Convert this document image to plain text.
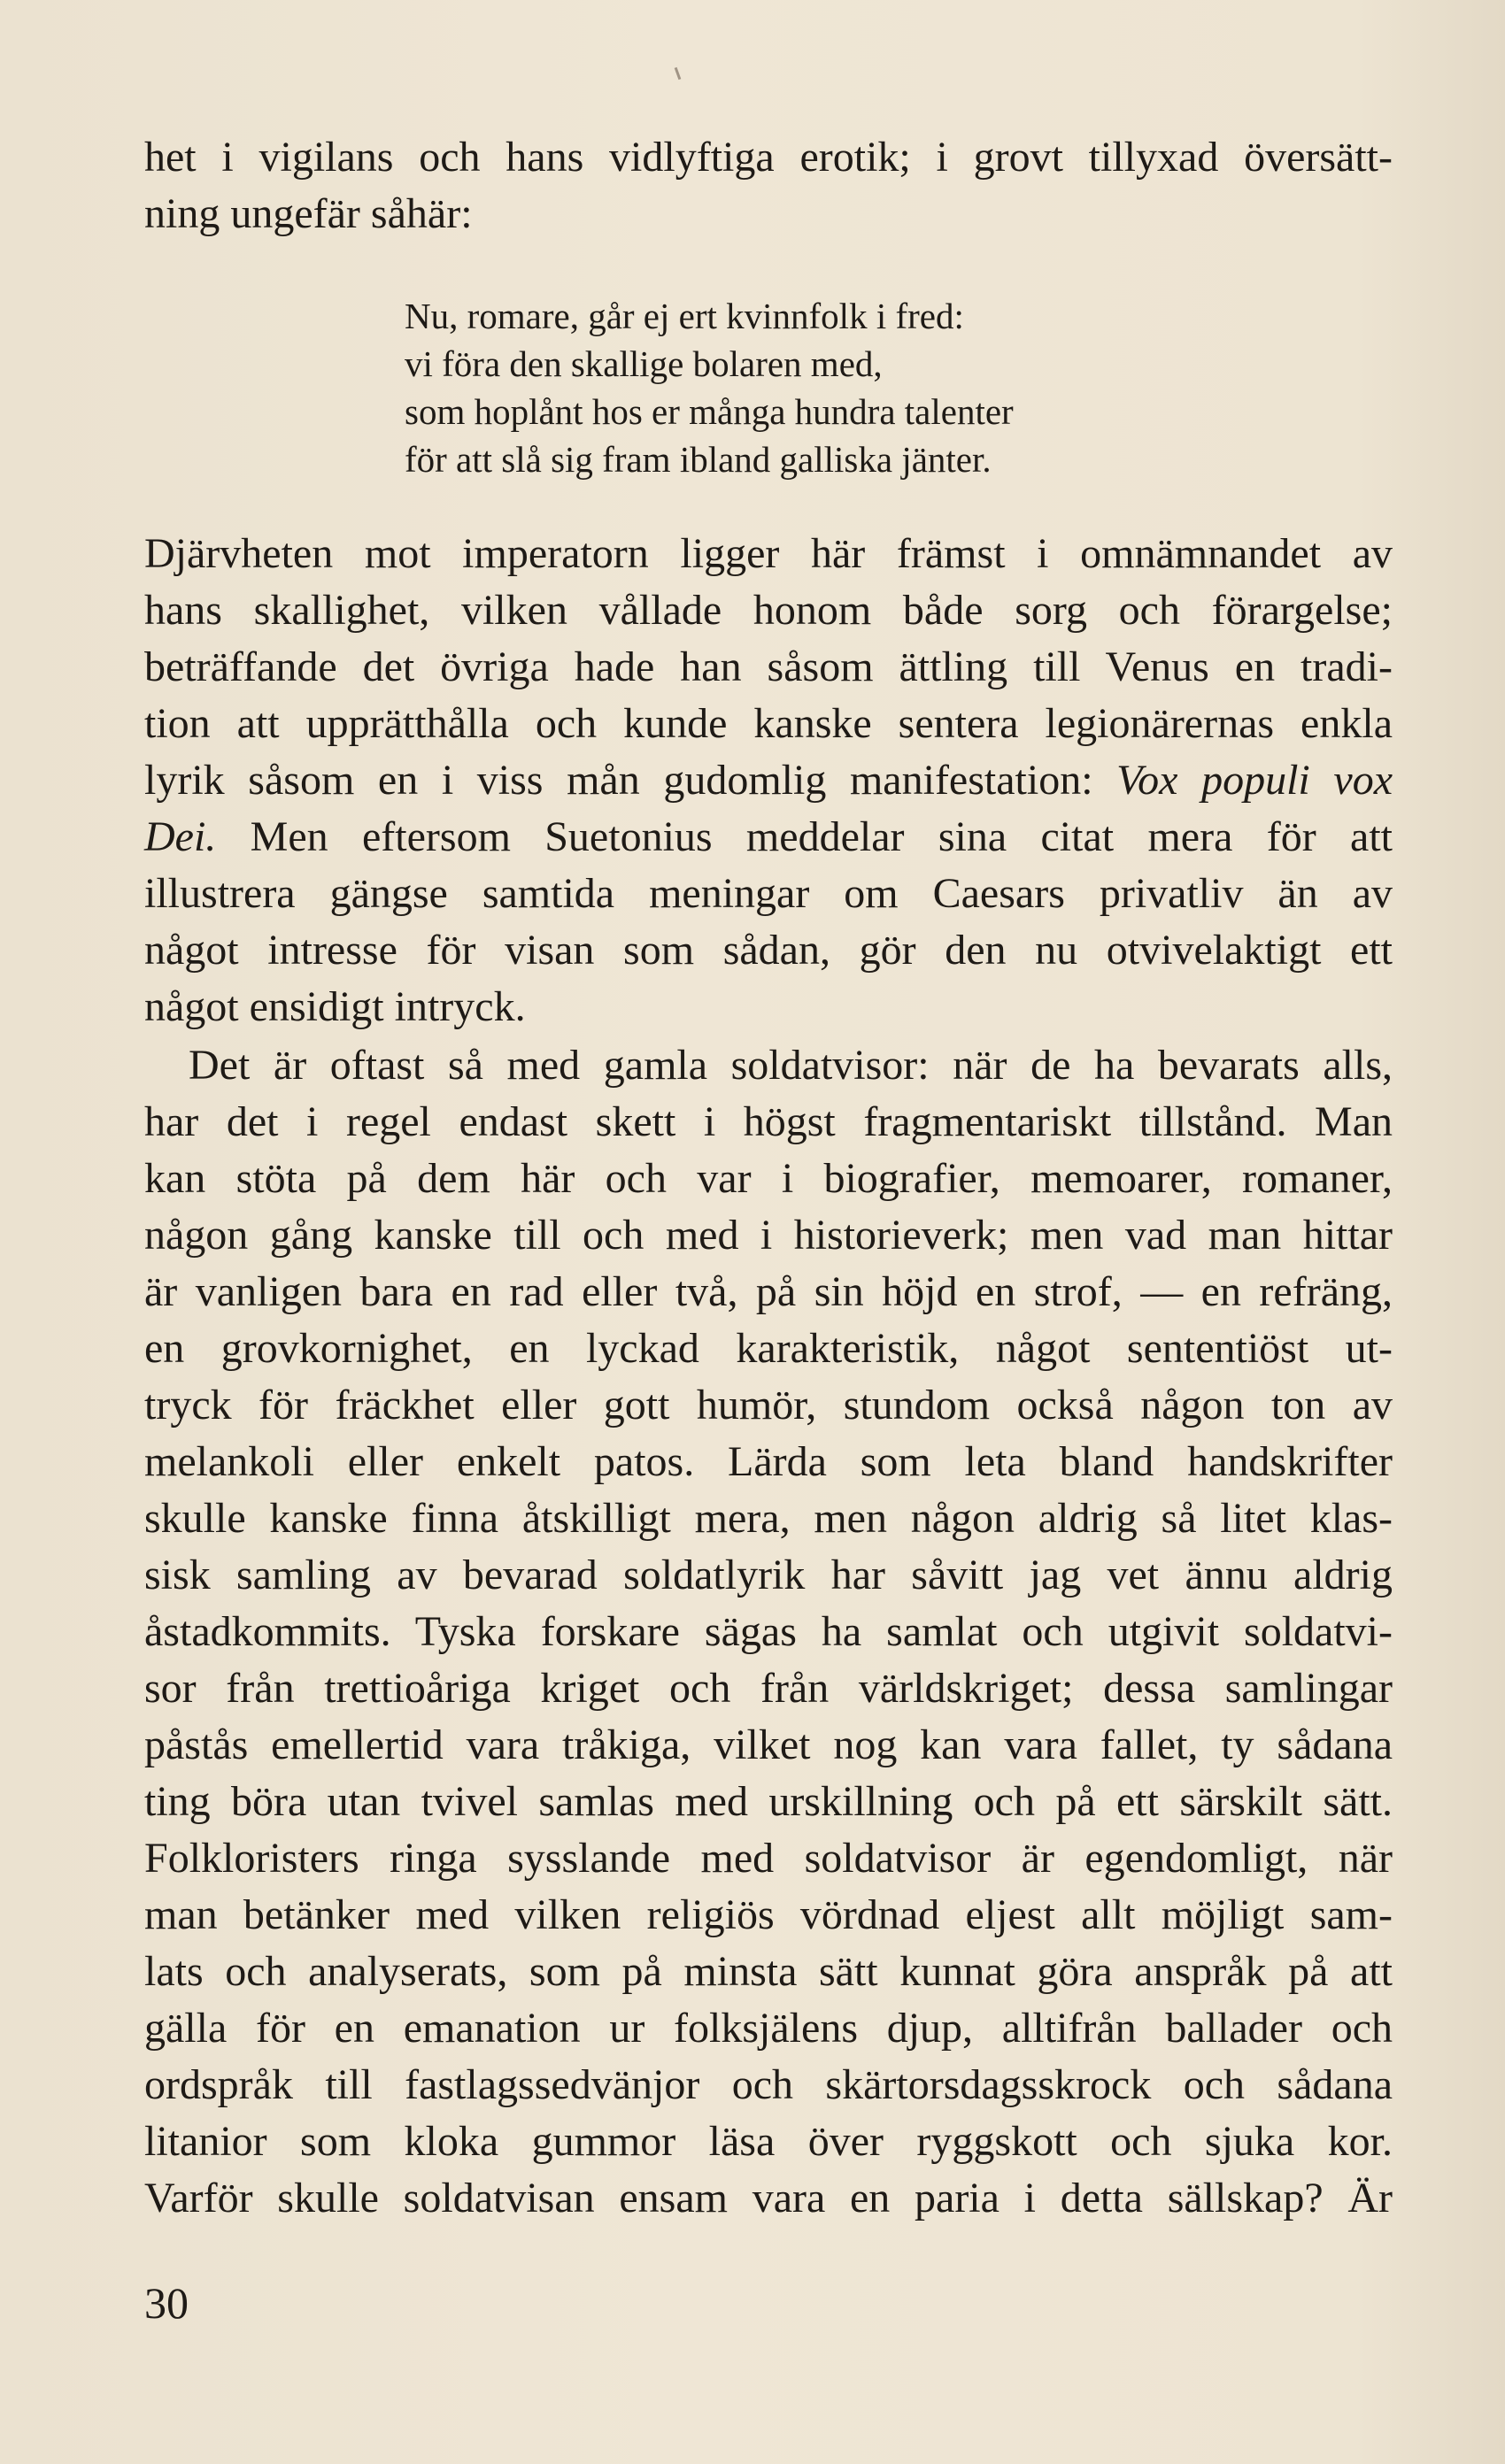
het i vigilans och hans vidlyftiga erotik; i grovt tillyxad översätt-
ning ungefär såhär:
Nu, romare, går ej ert kvinnfolk i fred:
vi föra den skallige bolaren med,
som hoplånt hos er många hundra talenter
för att slå sig fram ibland galliska jänter.
Djärvheten mot imperatorn ligger här främst i omnämnandet av
hans skallighet, vilken vållade honom både sorg och förargelse;
beträffande det övriga hade han såsom ättling till Venus en tradi-
tion att upprätthålla och kunde kanske sentera legionärernas enkla
lyrik såsom en i viss mån gudomlig manifestation: Vox populi vox
Dei. Men eftersom Suetonius meddelar sina citat mera för att
illustrera gängse samtida meningar om Caesars privatliv än av
något intresse för visan som sådan, gör den nu otvivelaktigt ett
något ensidigt intryck.
Det är oftast så med gamla soldatvisor: när de ha bevarats alls,
har det i regel endast skett i högst fragmentariskt tillstånd. Man
kan stöta på dem här och var i biografier, memoarer, romaner,
någon gång kanske till och med i historieverk; men vad man hittar
är vanligen bara en rad eller två, på sin höjd en strof, — en refräng,
en grovkornighet, en lyckad karakteristik, något sententiöst ut-
tryck för fräckhet eller gott humör, stundom också någon ton av
melankoli eller enkelt patos. Lärda som leta bland handskrifter
skulle kanske finna åtskilligt mera, men någon aldrig så litet klas-
sisk samling av bevarad soldatlyrik har såvitt jag vet ännu aldrig
åstadkommits. Tyska forskare sägas ha samlat och utgivit soldatvi-
sor från trettioåriga kriget och från världskriget; dessa samlingar
påstås emellertid vara tråkiga, vilket nog kan vara fallet, ty sådana
ting böra utan tvivel samlas med urskillning och på ett särskilt sätt.
Folkloristers ringa sysslande med soldatvisor är egendomligt, när
man betänker med vilken religiös vördnad eljest allt möjligt sam-
lats och analyserats, som på minsta sätt kunnat göra anspråk på att
gälla för en emanation ur folksjälens djup, alltifrån ballader och
ordspråk till fastlagssedvänjor och skärtorsdagsskrock och sådana
litanior som kloka gummor läsa över ryggskott och sjuka kor.
Varför skulle soldatvisan ensam vara en paria i detta sällskap? Är
30
